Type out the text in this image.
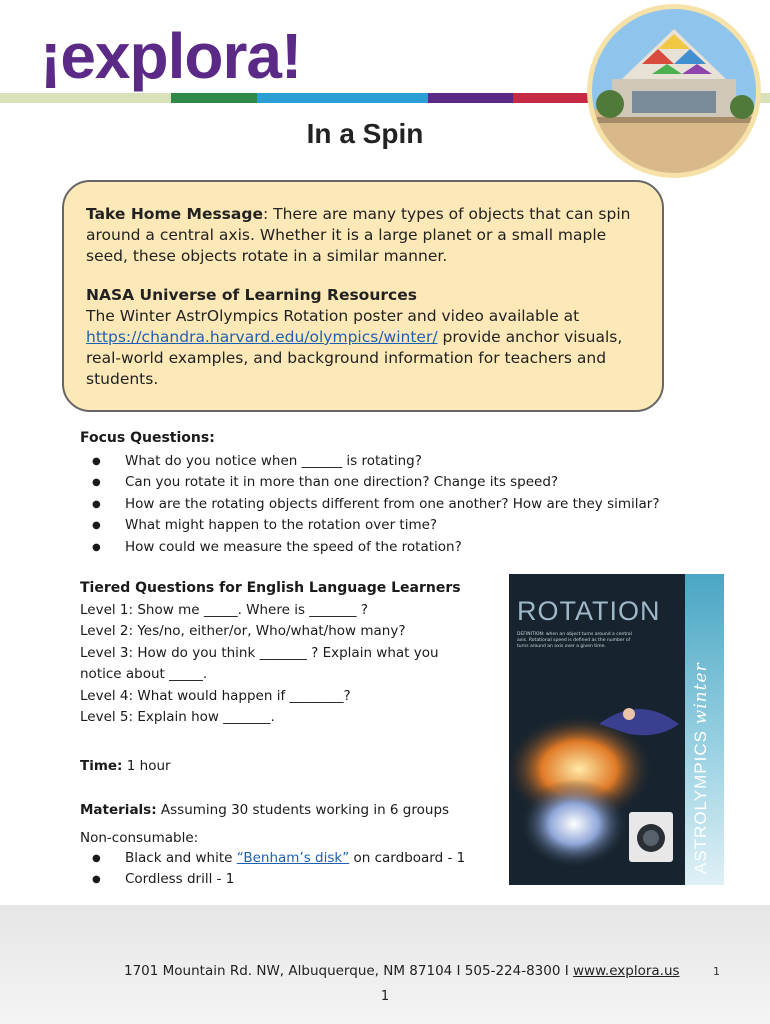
¡explora!
In a Spin

Take Home Message: There are many types of objects that can spin around a central axis. Whether it is a large planet or a small maple seed, these objects rotate in a similar manner.

NASA Universe of Learning Resources
The Winter AstrOlympics Rotation poster and video available at
https://chandra.harvard.edu/olympics/winter/ provide anchor visuals, real-world examples, and background information for teachers and students.

Focus Questions:
● What do you notice when ______ is rotating?
● Can you rotate it in more than one direction? Change its speed?
● How are the rotating objects different from one another? How are they similar?
● What might happen to the rotation over time?
● How could we measure the speed of the rotation?
Tiered Questions for English Language Learners
Level 1: Show me _____. Where is _______ ?
Level 2: Yes/no, either/or, Who/what/how many?
Level 3: How do you think _______ ? Explain what you notice about _____.
Level 4: What would happen if ________?
Level 5: Explain how _______.
Time: 1 hour
Materials: Assuming 30 students working in 6 groups
Non-consumable:
● Black and white “Benham’s disk” on cardboard - 1
● Cordless drill - 1
ROTATION
DEFINITION: when an object turns around a central axis. Rotational speed is defined as the number of turns around an axis over a given time.
ASTROLYMPICS winter
1701 Mountain Rd. NW, Albuquerque, NM 87104 I 505-224-8300 I www.explora.us	1
1
